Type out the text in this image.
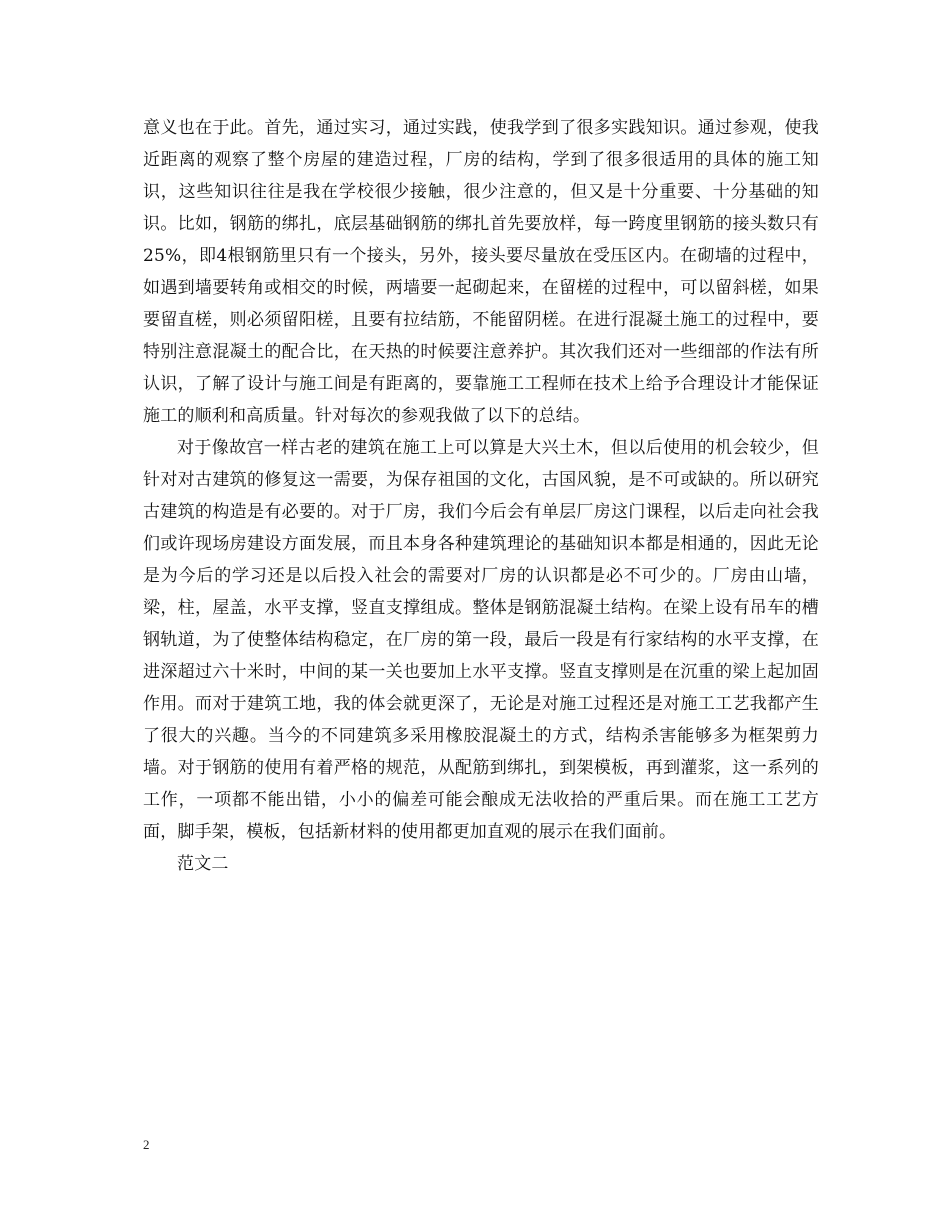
意义也在于此。首先，通过实习，通过实践，使我学到了很多实践知识。通过参观，使我近距离的观察了整个房屋的建造过程，厂房的结构，学到了很多很适用的具体的施工知识，这些知识往往是我在学校很少接触，很少注意的，但又是十分重要、十分基础的知识。比如，钢筋的绑扎，底层基础钢筋的绑扎首先要放样，每一跨度里钢筋的接头数只有25%，即4根钢筋里只有一个接头，另外，接头要尽量放在受压区内。在砌墙的过程中，如遇到墙要转角或相交的时候，两墙要一起砌起来，在留槎的过程中，可以留斜槎，如果要留直槎，则必须留阳槎，且要有拉结筋，不能留阴槎。在进行混凝土施工的过程中，要特别注意混凝土的配合比，在天热的时候要注意养护。其次我们还对一些细部的作法有所认识，了解了设计与施工间是有距离的，要靠施工工程师在技术上给予合理设计才能保证施工的顺利和高质量。针对每次的参观我做了以下的总结。

对于像故宫一样古老的建筑在施工上可以算是大兴土木，但以后使用的机会较少，但针对对古建筑的修复这一需要，为保存祖国的文化，古国风貌，是不可或缺的。所以研究古建筑的构造是有必要的。对于厂房，我们今后会有单层厂房这门课程，以后走向社会我们或许现场房建设方面发展，而且本身各种建筑理论的基础知识本都是相通的，因此无论是为今后的学习还是以后投入社会的需要对厂房的认识都是必不可少的。厂房由山墙，梁，柱，屋盖，水平支撑，竖直支撑组成。整体是钢筋混凝土结构。在梁上设有吊车的槽钢轨道，为了使整体结构稳定，在厂房的第一段，最后一段是有行家结构的水平支撑，在进深超过六十米时，中间的某一关也要加上水平支撑。竖直支撑则是在沉重的梁上起加固作用。而对于建筑工地，我的体会就更深了，无论是对施工过程还是对施工工艺我都产生了很大的兴趣。当今的不同建筑多采用橡胶混凝土的方式，结构杀害能够多为框架剪力墙。对于钢筋的使用有着严格的规范，从配筋到绑扎，到架模板，再到灌浆，这一系列的工作，一项都不能出错，小小的偏差可能会酿成无法收拾的严重后果。而在施工工艺方面，脚手架，模板，包括新材料的使用都更加直观的展示在我们面前。

范文二

2
